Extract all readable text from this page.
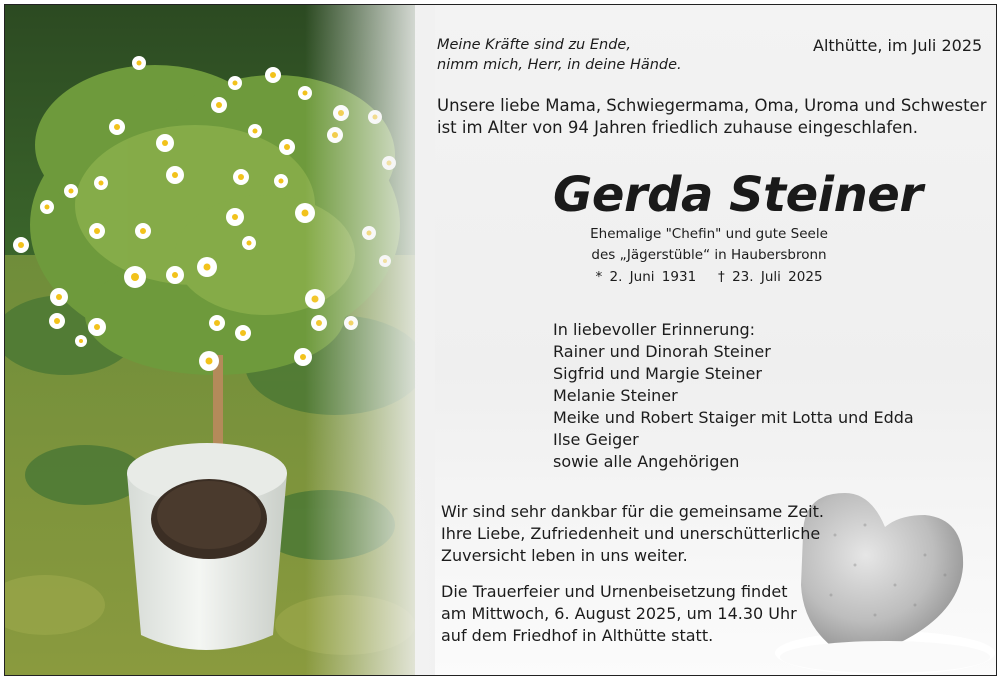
Meine Kräfte sind zu Ende,
nimm mich, Herr, in deine Hände.
Althütte, im Juli 2025
Unsere liebe Mama, Schwiegermama, Oma, Uroma und Schwester
ist im Alter von 94 Jahren friedlich zuhause eingeschlafen.
Gerda Steiner
Ehemalige "Chefin" und gute Seele
des „Jägerstüble“ in Haubersbronn
* 2. Juni 1931 † 23. Juli 2025
In liebevoller Erinnerung:
Rainer und Dinorah Steiner
Sigfrid und Margie Steiner
Melanie Steiner
Meike und Robert Staiger mit Lotta und Edda
Ilse Geiger
sowie alle Angehörigen
Wir sind sehr dankbar für die gemeinsame Zeit.
Ihre Liebe, Zufriedenheit und unerschütterliche
Zuversicht leben in uns weiter.
Die Trauerfeier und Urnenbeisetzung findet
am Mittwoch, 6. August 2025, um 14.30 Uhr
auf dem Friedhof in Althütte statt.
